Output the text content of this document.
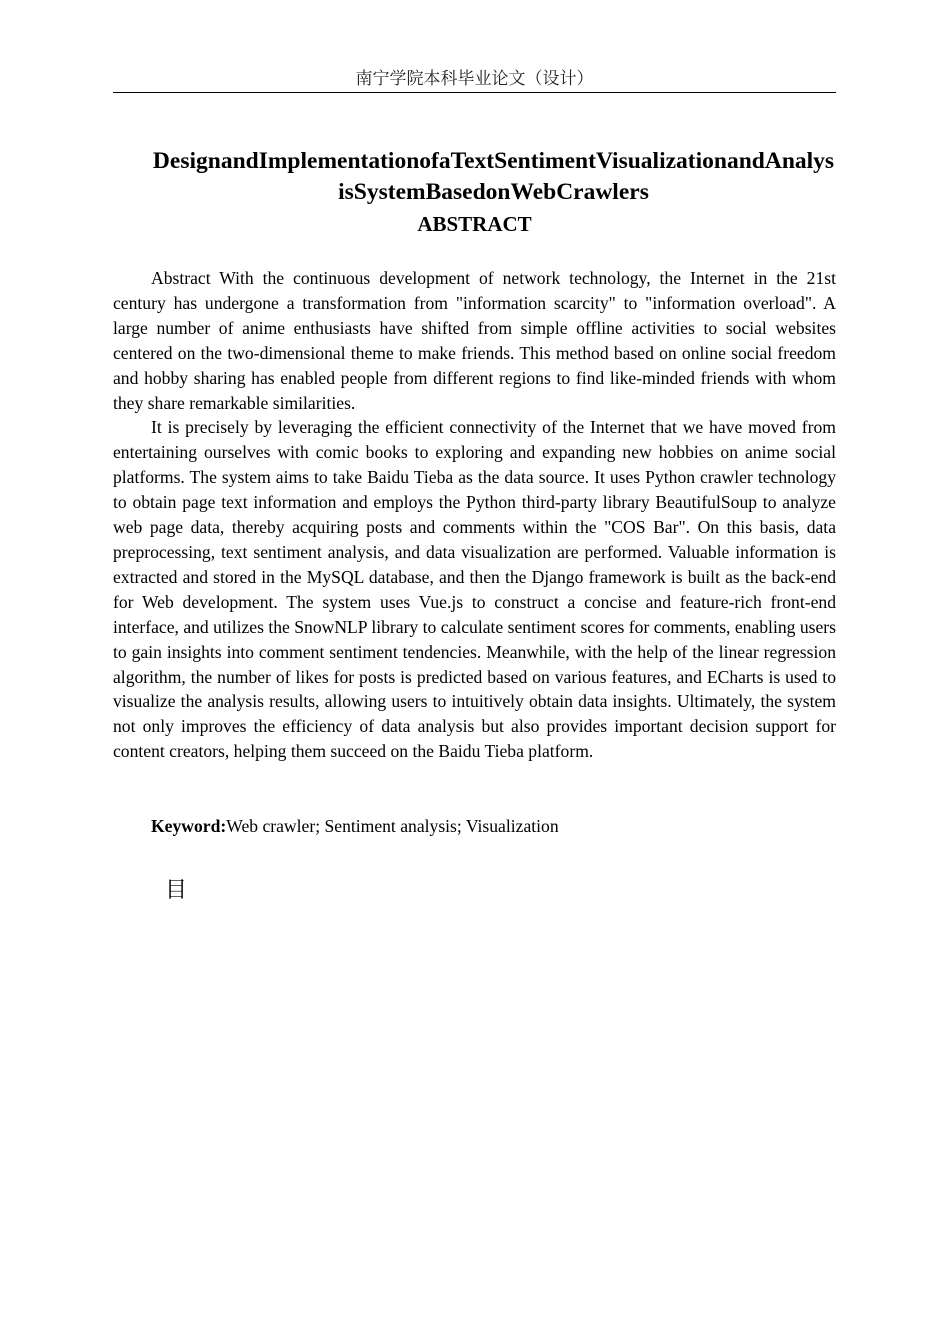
南宁学院本科毕业论文（设计）
DesignandImplementationofaTextSentimentVisualizationandAnalysisSystemBasedonWebCrawlers
ABSTRACT

Abstract With the continuous development of network technology, the Internet in the 21st century has undergone a transformation from "information scarcity" to "information overload". A large number of anime enthusiasts have shifted from simple offline activities to social websites centered on the two-dimensional theme to make friends. This method based on online social freedom and hobby sharing has enabled people from different regions to find like-minded friends with whom they share remarkable similarities.

It is precisely by leveraging the efficient connectivity of the Internet that we have moved from entertaining ourselves with comic books to exploring and expanding new hobbies on anime social platforms. The system aims to take Baidu Tieba as the data source. It uses Python crawler technology to obtain page text information and employs the Python third-party library BeautifulSoup to analyze web page data, thereby acquiring posts and comments within the "COS Bar". On this basis, data preprocessing, text sentiment analysis, and data visualization are performed. Valuable information is extracted and stored in the MySQL database, and then the Django framework is built as the back-end for Web development. The system uses Vue.js to construct a concise and feature-rich front-end interface, and utilizes the SnowNLP library to calculate sentiment scores for comments, enabling users to gain insights into comment sentiment tendencies. Meanwhile, with the help of the linear regression algorithm, the number of likes for posts is predicted based on various features, and ECharts is used to visualize the analysis results, allowing users to intuitively obtain data insights. Ultimately, the system not only improves the efficiency of data analysis but also provides important decision support for content creators, helping them succeed on the Baidu Tieba platform.

Keyword:Web crawler; Sentiment analysis; Visualization
目
